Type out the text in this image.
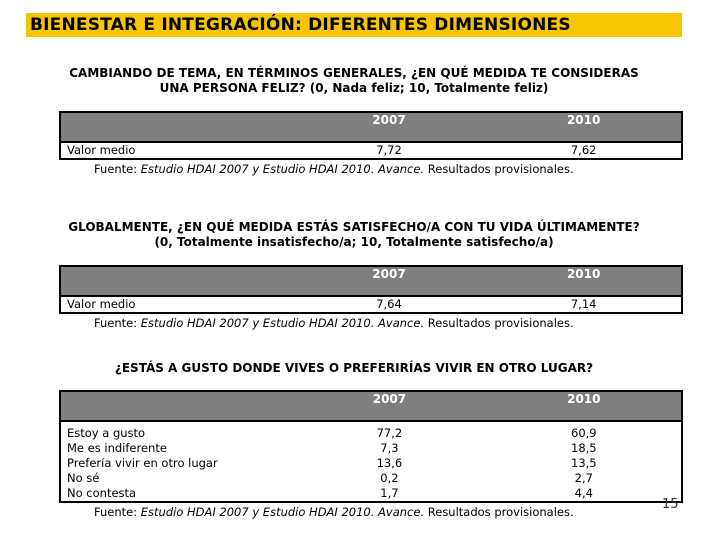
BIENESTAR E INTEGRACIÓN: DIFERENTES DIMENSIONES
CAMBIANDO DE TEMA, EN TÉRMINOS GENERALES, ¿EN QUÉ MEDIDA TE CONSIDERAS
UNA PERSONA FELIZ? (0, Nada feliz; 10, Totalmente feliz)
	2007	2010
Valor medio	7,72	7,62
Fuente: Estudio HDAI 2007 y Estudio HDAI 2010. Avance. Resultados provisionales.
GLOBALMENTE, ¿EN QUÉ MEDIDA ESTÁS SATISFECHO/A CON TU VIDA ÚLTIMAMENTE?
(0, Totalmente insatisfecho/a; 10, Totalmente satisfecho/a)
	2007	2010
Valor medio	7,64	7,14
Fuente: Estudio HDAI 2007 y Estudio HDAI 2010. Avance. Resultados provisionales.
¿ESTÁS A GUSTO DONDE VIVES O PREFERIRÍAS VIVIR EN OTRO LUGAR?
	2007	2010

Estoy a gusto	77,2	60,9
Me es indiferente	7,3	18,5
Prefería vivir en otro lugar	13,6	13,5
No sé	0,2	2,7
No contesta	1,7	4,4
Fuente: Estudio HDAI 2007 y Estudio HDAI 2010. Avance. Resultados provisionales.	15
